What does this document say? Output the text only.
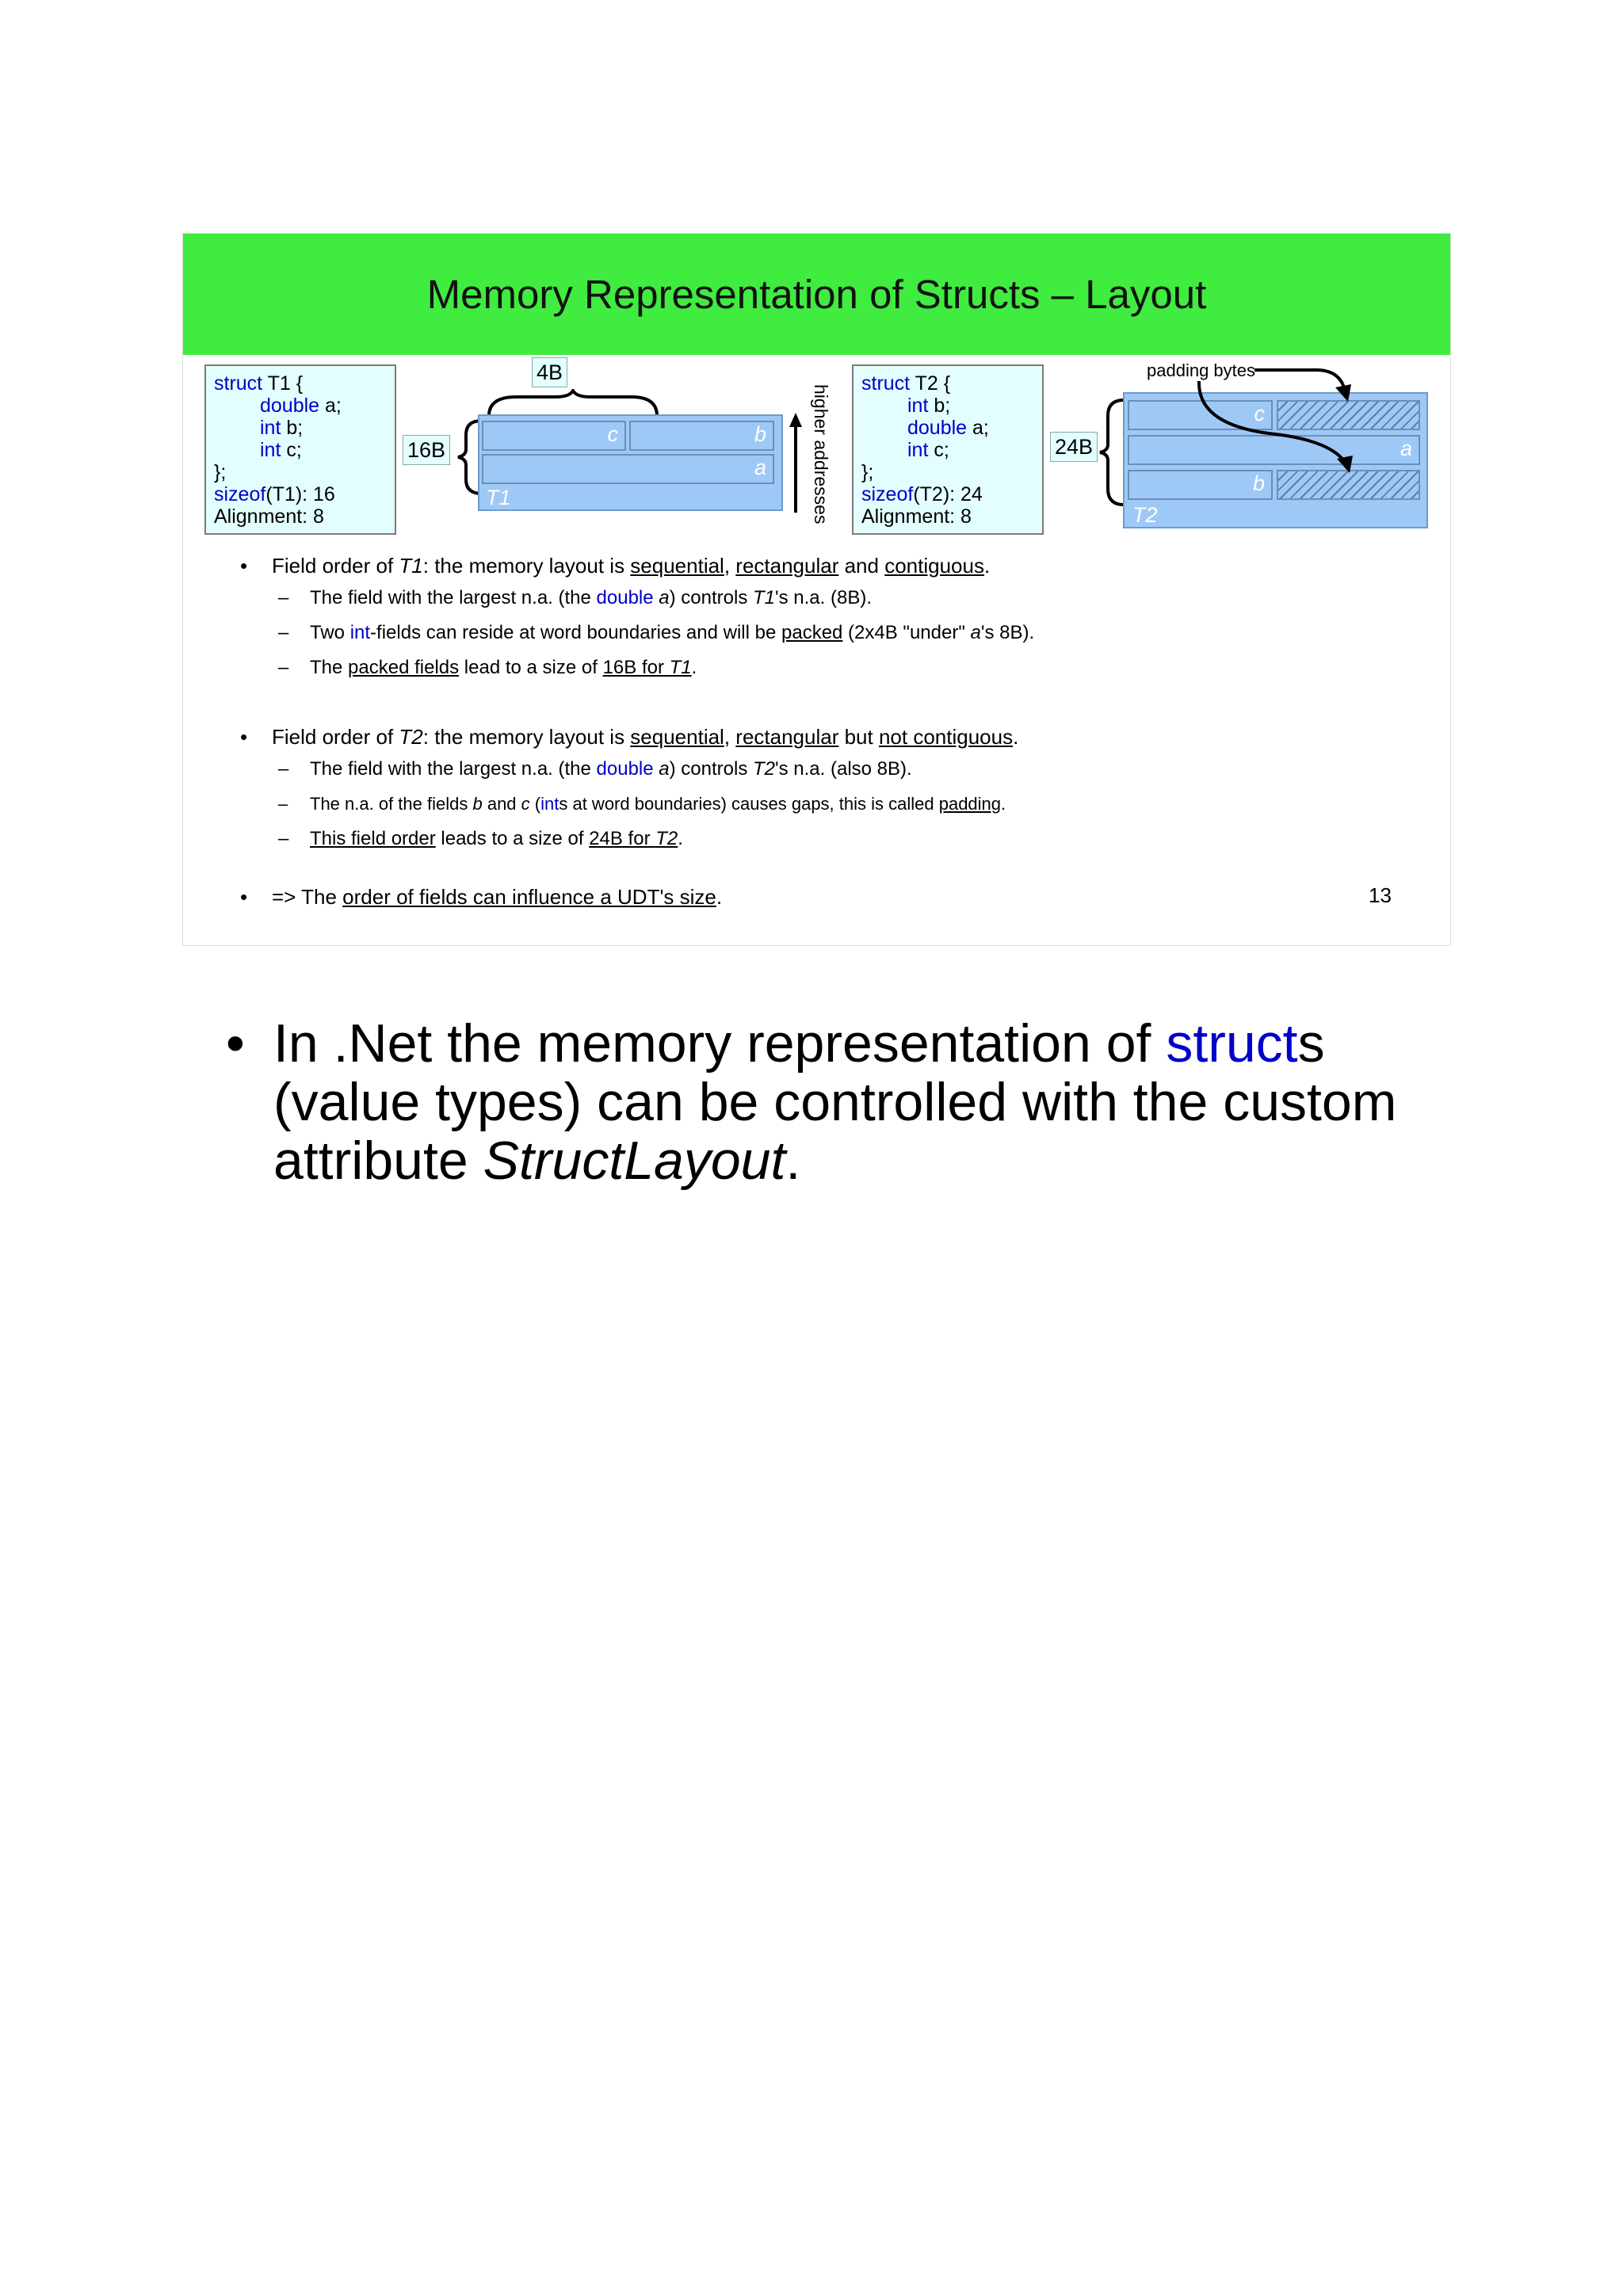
Memory Representation of Structs – Layout
struct T1 {
double a;
int b;
int c;
};
sizeof(T1): 16
Alignment: 8
4B
16B
c	b
a
T1	higher addresses
struct T2 {
int b;
double a;
int c;
};
sizeof(T2): 24
Alignment: 8
24B
c
a
b
T2
padding bytes
• Field order of T1: the memory layout is sequential, rectangular and contiguous.
– The field with the largest n.a. (the double a) controls T1's n.a. (8B).
– Two int-fields can reside at word boundaries and will be packed (2x4B "under" a's 8B).
– The packed fields lead to a size of 16B for T1.
• Field order of T2: the memory layout is sequential, rectangular but not contiguous.
– The field with the largest n.a. (the double a) controls T2's n.a. (also 8B).
– The n.a. of the fields b and c (ints at word boundaries) causes gaps, this is called padding.
– This field order leads to a size of 24B for T2.
• => The order of fields can influence a UDT's size.	13
• In .Net the memory representation of structs (value types) can be controlled with the custom attribute StructLayout.
